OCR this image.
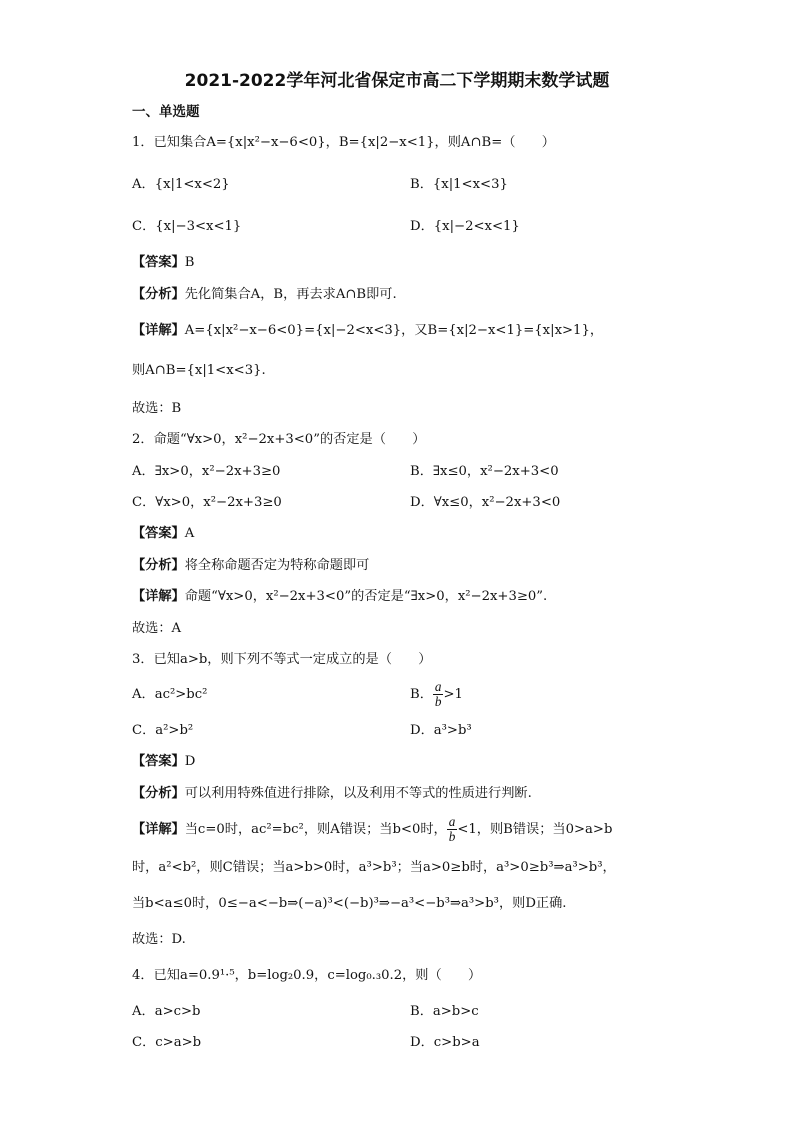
2021-2022学年河北省保定市高二下学期期末数学试题
一、单选题
1．已知集合A={x|x²−x−6<0}，B={x|2−x<1}，则A∩B=（　　）
A．{x|1<x<2}	B．{x|1<x<3}
C．{x|−3<x<1}	D．{x|−2<x<1}
【答案】B
【分析】先化简集合A，B，再去求A∩B即可.
【详解】A={x|x²−x−6<0}={x|−2<x<3}，又B={x|2−x<1}={x|x>1}，
则A∩B={x|1<x<3}.
故选：B
2．命题“∀x>0，x²−2x+3<0”的否定是（　　）
A．∃x>0，x²−2x+3≥0	B．∃x≤0，x²−2x+3<0
C．∀x>0，x²−2x+3≥0	D．∀x≤0，x²−2x+3<0
【答案】A
【分析】将全称命题否定为特称命题即可
【详解】命题“∀x>0，x²−2x+3<0”的否定是“∃x>0，x²−2x+3≥0”.
故选：A
3．已知a>b，则下列不等式一定成立的是（　　）
A．ac²>bc²	B． $\frac{a}{b} >1$
C．a²>b²	D．a³>b³
【答案】D
【分析】可以利用特殊值进行排除，以及利用不等式的性质进行判断.
【详解】当c=0时，ac²=bc²，则A错误；当b<0时， $\frac{a}{b} <1$，则B错误；当0>a>b
时，a²<b²，则C错误；当a>b>0时，a³>b³；当a>0≥b时，a³>0≥b³⇒a³>b³，
当b<a≤0时，0≤−a<−b⇒(−a)³<(−b)³⇒−a³<−b³⇒a³>b³，则D正确.
故选：D.
4．已知a=0.9¹·⁵，b=log₂0.9，c=log₀.₃0.2，则（　　）
A．a>c>b	B．a>b>c
C．c>a>b	D．c>b>a
